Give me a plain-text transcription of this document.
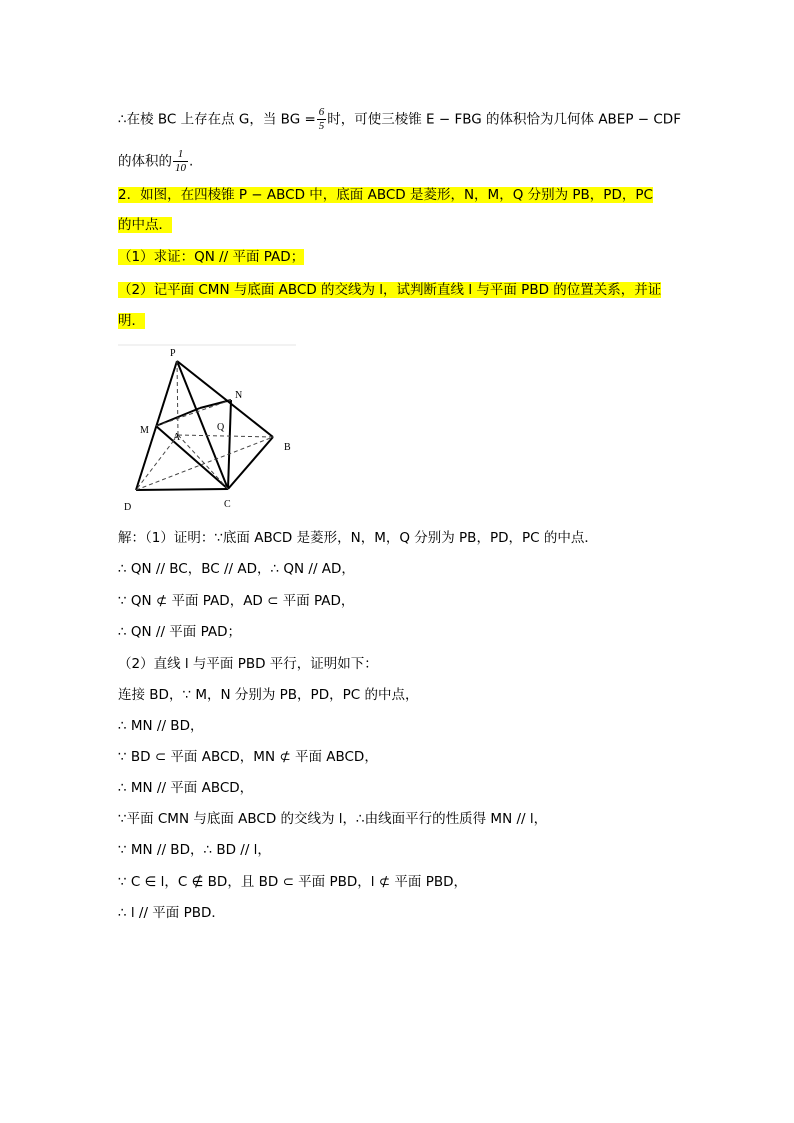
∴在棱 BC 上存在点 G，当 BG = $\frac{6}{5}$ 时，可使三棱锥 E − FBG 的体积恰为几何体 ABEP − CDF
的体积的 $\frac{1}{10}$ .
2．如图，在四棱锥 P − ABCD 中，底面 ABCD 是菱形，N，M，Q 分别为 PB，PD，PC
的中点．
（1）求证：QN // 平面 PAD；
（2）记平面 CMN 与底面 ABCD 的交线为 l，试判断直线 l 与平面 PBD 的位置关系，并证
明．
P
N
M
A
Q
B
D	C
解：（1）证明：∵底面 ABCD 是菱形，N，M，Q 分别为 PB，PD，PC 的中点．
∴ QN // BC，BC // AD，∴ QN // AD，
∵ QN ⊄ 平面 PAD，AD ⊂ 平面 PAD，
∴ QN // 平面 PAD；
（2）直线 l 与平面 PBD 平行，证明如下：
连接 BD，∵ M，N 分别为 PB，PD，PC 的中点，
∴ MN // BD，
∵ BD ⊂ 平面 ABCD，MN ⊄ 平面 ABCD，
∴ MN // 平面 ABCD，
∵平面 CMN 与底面 ABCD 的交线为 l，∴由线面平行的性质得 MN // l，
∵ MN // BD，∴ BD // l，
∵ C ∈ l，C ∉ BD，且 BD ⊂ 平面 PBD，l ⊄ 平面 PBD，
∴ l // 平面 PBD．
